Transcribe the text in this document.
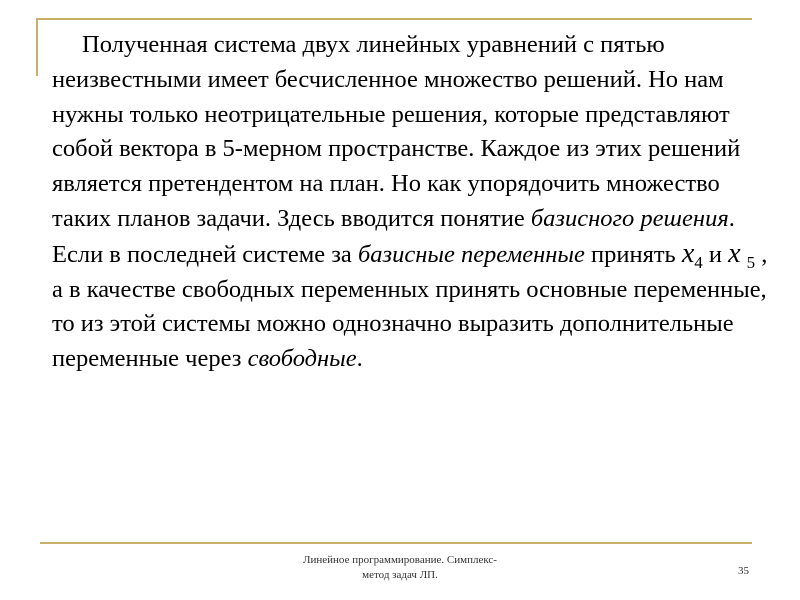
Полученная система двух линейных уравнений с пятью неизвестными имеет бесчисленное множество решений. Но нам нужны только неотрицательные решения, которые представляют собой вектора в 5-мерном пространстве. Каждое из этих решений является претендентом на план. Но как упорядочить множество таких планов задачи. Здесь вводится понятие базисного решения. Если в последней системе за базисные переменные принять $x_4$ и x $_5$ , а в качестве свободных переменных принять основные переменные, то из этой системы можно однозначно выразить дополнительные переменные через свободные.

Линейное программирование. Симплекс-
метод задач ЛП.	35
